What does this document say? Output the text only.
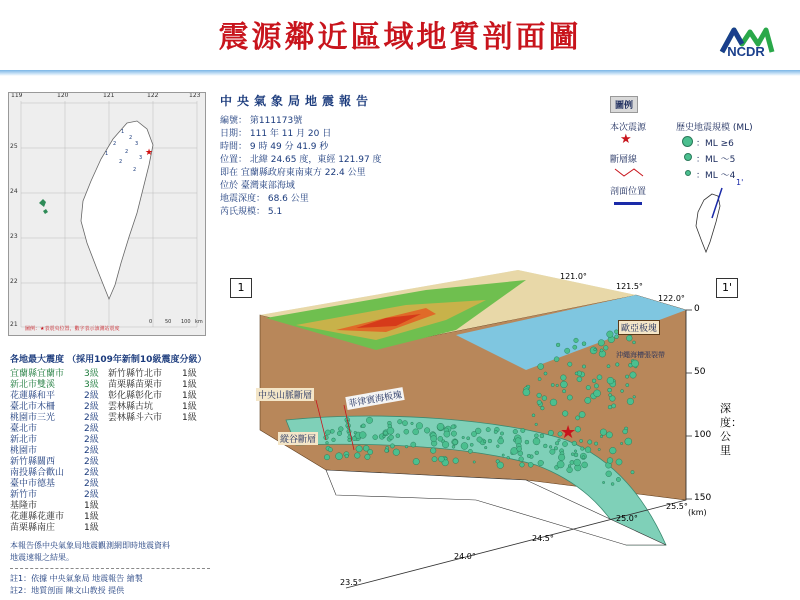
震源鄰近區域地質剖面圖	NCDR
1
2
3
2
2
3
2
2
1	★
119	120	121	122	123
25
24
23
22
21
圖例：★表震央位置，數字表示該測站震度
0	50 100 km
中央氣象局地震報告
編號： 第111173號
日期： 111 年 11 月 20 日
時間： 9 時 49 分 41.9 秒
位置： 北緯 24.65 度，東經 121.97 度
即在 宜蘭縣政府東南東方 22.4 公里
位於 臺灣東部海域
地震深度： 68.6 公里
芮氏規模： 5.1
圖例
本次震源
★
斷層線
剖面位置
歷史地震規模 (ML)
：ML ≥6
：ML ～5
：ML ～4
1'
各地最大震度 （採用109年新制10級震度分級）
宜蘭縣宜蘭市 3級
新北市雙溪	3級
花蓮縣和平	2級
臺北市木柵	2級
桃園市三光	2級
臺北市	2級
新北市	2級
桃園市	2級
新竹縣關西	2級
南投縣合歡山 2級
臺中市德基	2級
新竹市	2級
基隆市	1級
花蓮縣花蓮市 1級
苗栗縣南庄	1級
新竹縣竹北市 1級
苗栗縣苗栗市 1級
彰化縣彰化市 1級
雲林縣古坑	1級
雲林縣斗六市 1級
本報告係中央氣象局地震觀測網即時地震資料
地震速報之結果。
註1：依據 中央氣象局 地震報告 繪製
註2：地質剖面 陳文山教授 提供
★
1	1'
121.0°
121.5°
122.0°
0
50
100
150
深度：公里
23.5°
24.0°
24.5°
25.0°
25.5°
(km)
歐亞板塊
沖繩海槽張裂帶
菲律賓海板塊
中央山脈斷層
縱谷斷層
